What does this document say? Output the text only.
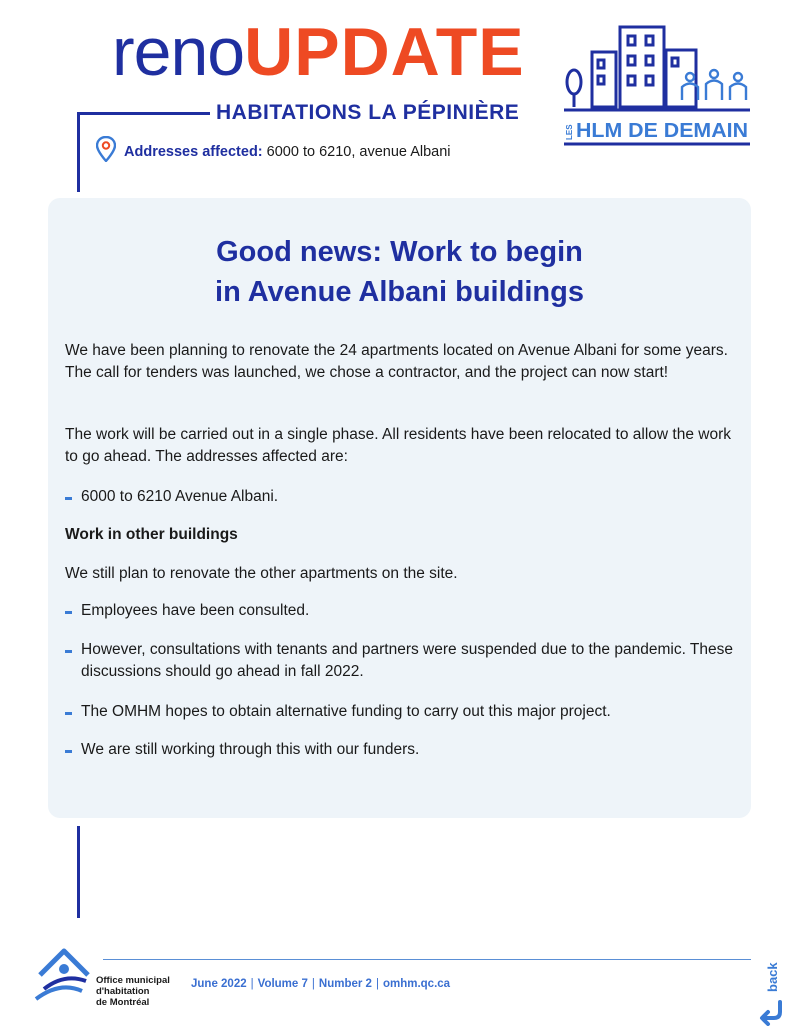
renoUPDATE
HABITATIONS LA PÉPINIÈRE
Addresses affected: 6000 to 6210, avenue Albani
LES HLM DE DEMAIN
Good news: Work to begin
in Avenue Albani buildings
We have been planning to renovate the 24 apartments located on Avenue Albani for some years. The call for tenders was launched, we chose a contractor, and the project can now start!
The work will be carried out in a single phase. All residents have been relocated to allow the work to go ahead. The addresses affected are:
6000 to 6210 Avenue Albani.
Work in other buildings
We still plan to renovate the other apartments on the site.
Employees have been consulted.
However, consultations with tenants and partners were suspended due to the pandemic. These discussions should go ahead in fall 2022.
The OMHM hopes to obtain alternative funding to carry out this major project.
We are still working through this with our funders.
Office municipal
d'habitation
de Montréal
June 2022 | Volume 7 | Number 2 | omhm.qc.ca	back
